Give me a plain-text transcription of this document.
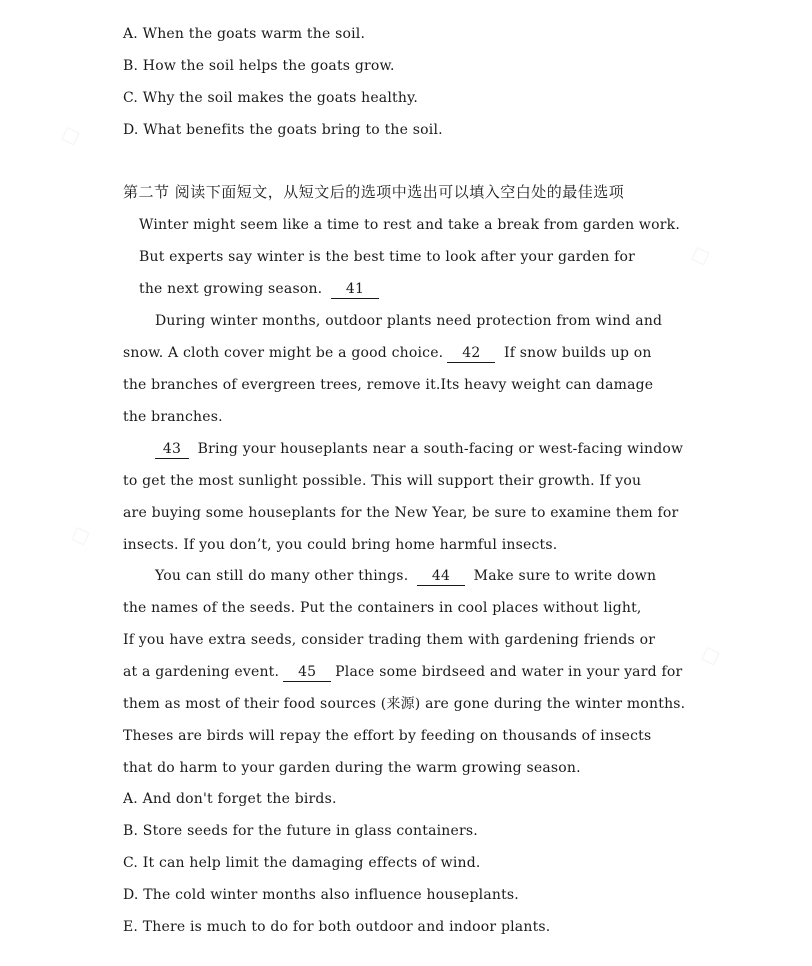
A. When the goats warm the soil.
B. How the soil helps the goats grow.
C. Why the soil makes the goats healthy.
D. What benefits the goats bring to the soil.
第二节 阅读下面短文，从短文后的选项中选出可以填入空白处的最佳选项
Winter might seem like a time to rest and take a break from garden work.
But experts say winter is the best time to look after your garden for
the next growing season. 41
During winter months, outdoor plants need protection from wind and
snow. A cloth cover might be a good choice. 42 If snow builds up on
the branches of evergreen trees, remove it.Its heavy weight can damage
the branches.
43 Bring your houseplants near a south-facing or west-facing window
to get the most sunlight possible. This will support their growth. If you
are buying some houseplants for the New Year, be sure to examine them for
insects. If you don’t, you could bring home harmful insects.
You can still do many other things. 44 Make sure to write down
the names of the seeds. Put the containers in cool places without light,
If you have extra seeds, consider trading them with gardening friends or
at a gardening event. 45 Place some birdseed and water in your yard for
them as most of their food sources (来源) are gone during the winter months.
Theses are birds will repay the effort by feeding on thousands of insects
that do harm to your garden during the warm growing season.
A. And don't forget the birds.
B. Store seeds for the future in glass containers.
C. It can help limit the damaging effects of wind.
D. The cold winter months also influence houseplants.
E. There is much to do for both outdoor and indoor plants.
